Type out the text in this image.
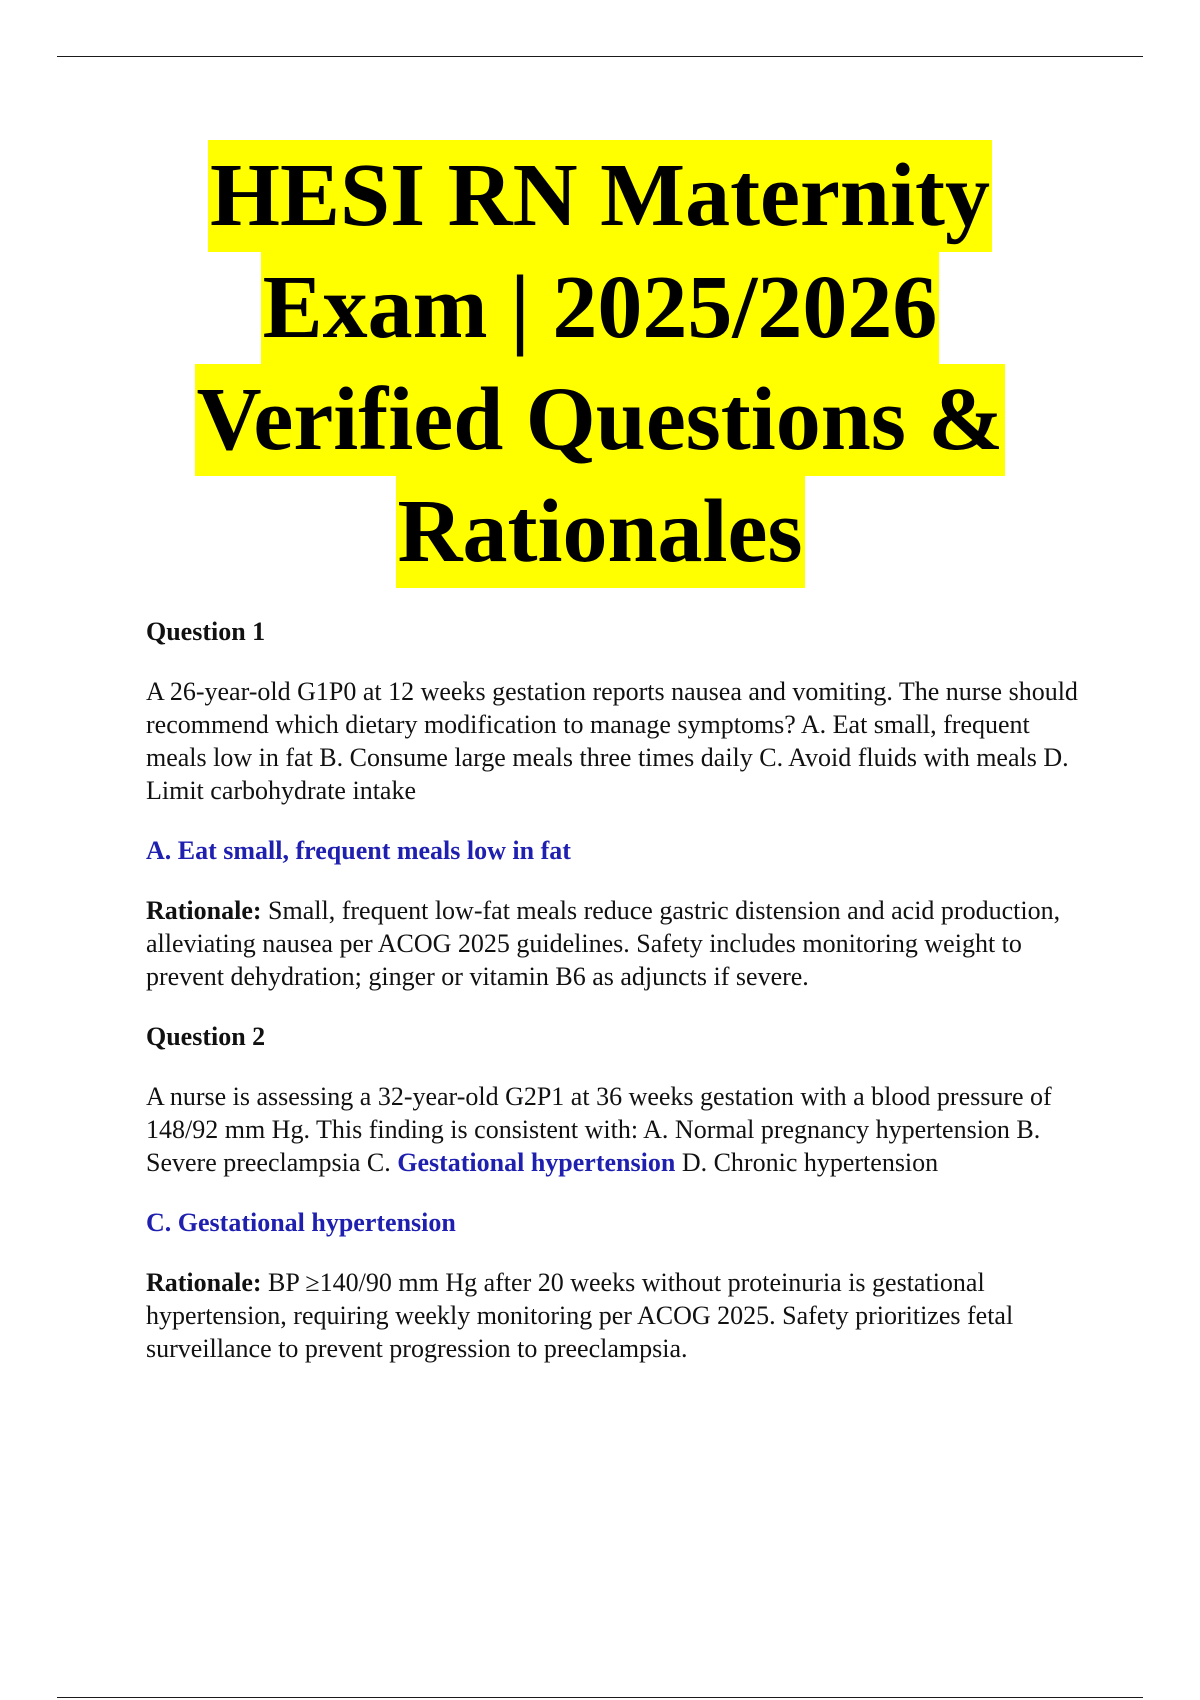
HESI RN Maternity
Exam | 2025/2026
Verified Questions &
Rationales

Question 1

A 26-year-old G1P0 at 12 weeks gestation reports nausea and vomiting. The nurse should recommend which dietary modification to manage symptoms? A. Eat small, frequent meals low in fat B. Consume large meals three times daily C. Avoid fluids with meals D. Limit carbohydrate intake

A. Eat small, frequent meals low in fat

Rationale: Small, frequent low-fat meals reduce gastric distension and acid production, alleviating nausea per ACOG 2025 guidelines. Safety includes monitoring weight to prevent dehydration; ginger or vitamin B6 as adjuncts if severe.

Question 2

A nurse is assessing a 32-year-old G2P1 at 36 weeks gestation with a blood pressure of 148/92 mm Hg. This finding is consistent with: A. Normal pregnancy hypertension B. Severe preeclampsia C. Gestational hypertension D. Chronic hypertension

C. Gestational hypertension

Rationale: BP ≥140/90 mm Hg after 20 weeks without proteinuria is gestational hypertension, requiring weekly monitoring per ACOG 2025. Safety prioritizes fetal surveillance to prevent progression to preeclampsia.
